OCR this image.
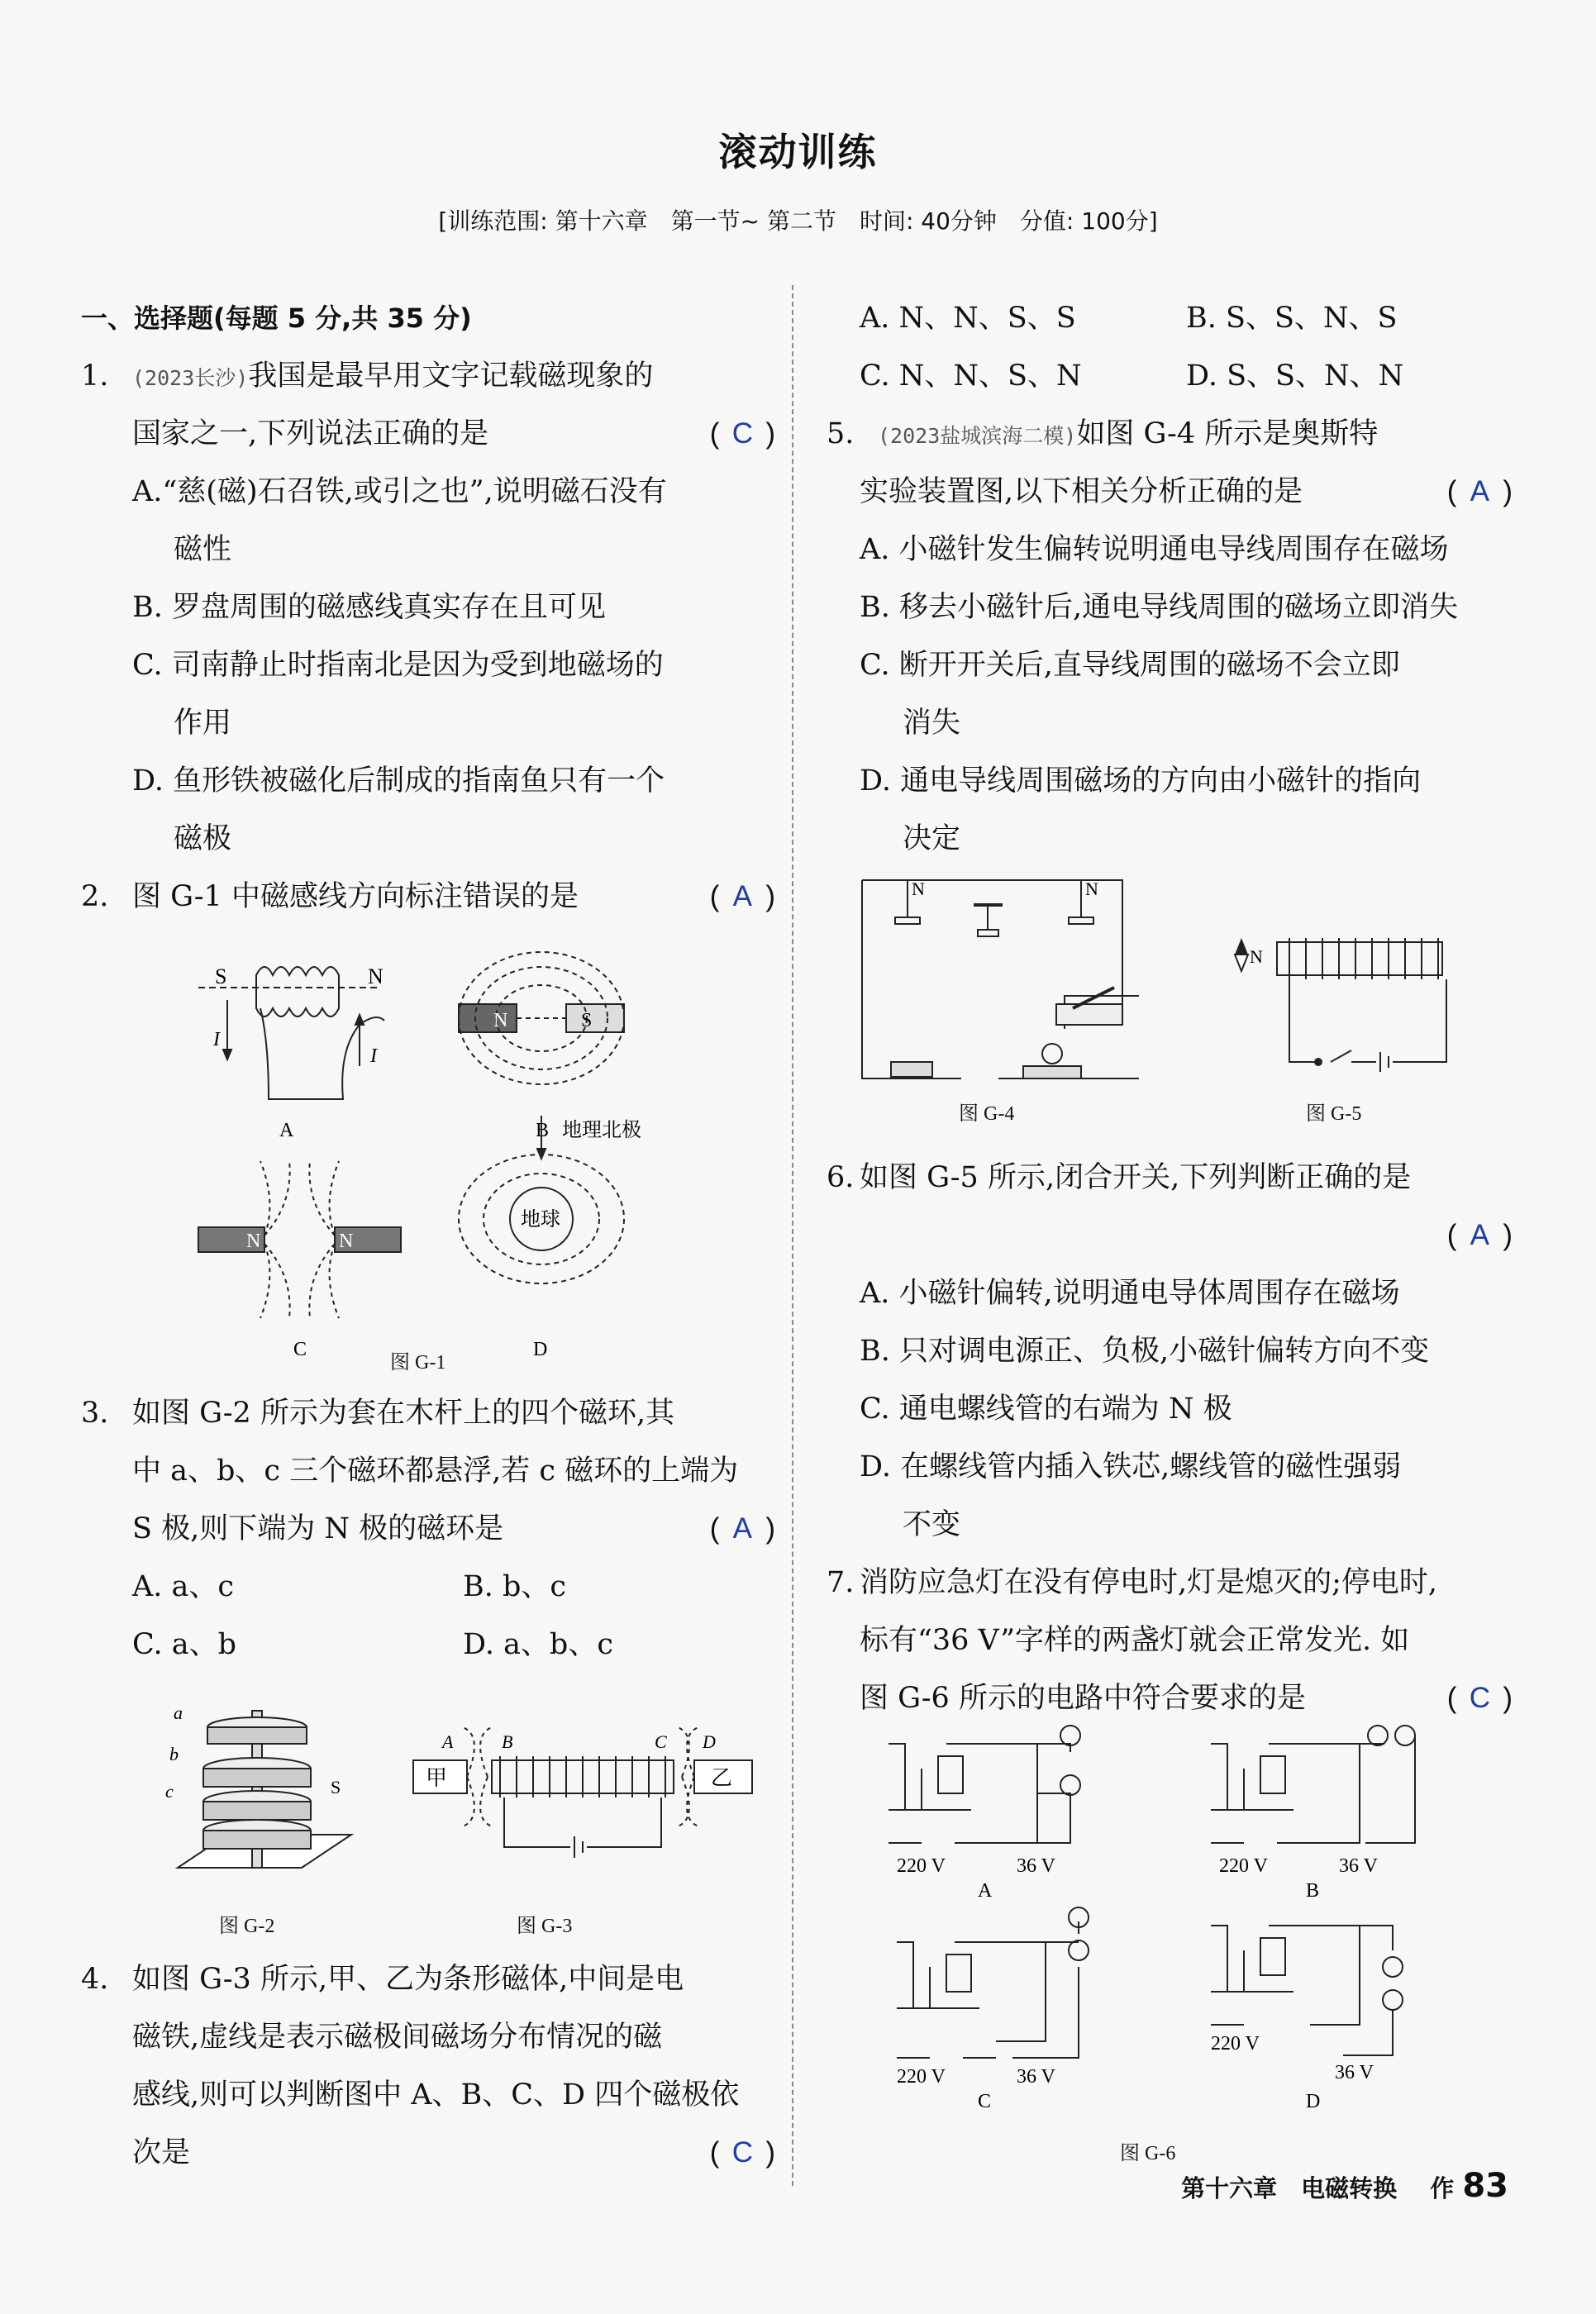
滚动训练
[训练范围: 第十六章　第一节~ 第二节　时间: 40分钟　分值: 100分]
一、选择题(每题 5 分,共 35 分)
1. (2023长沙)我国是最早用文字记载磁现象的
国家之一,下列说法正确的是	( C )
A.“慈(磁)石召铁,或引之也”,说明磁石没有
磁性
B. 罗盘周围的磁感线真实存在且可见
C. 司南静止时指南北是因为受到地磁场的
作用
D. 鱼形铁被磁化后制成的指南鱼只有一个
磁极
2. 图 G-1 中磁感线方向标注错误的是	( A )
S	N
I
I
A
N	S
B
N	N
C
地球
地理北极
D
图 G-1
3. 如图 G-2 所示为套在木杆上的四个磁环,其
中 a、b、c 三个磁环都悬浮,若 c 磁环的上端为
S 极,则下端为 N 极的磁环是	( A )
A. a、c	B. b、c
C. a、b	D. a、b、c
a
b
c	S
图 G-2
甲	乙
A	B	C D
图 G-3
4. 如图 G-3 所示,甲、乙为条形磁体,中间是电
磁铁,虚线是表示磁极间磁场分布情况的磁
感线,则可以判断图中 A、B、C、D 四个磁极依
次是	( C )
A. N、N、S、S	B. S、S、N、S
C. N、N、S、N	D. S、S、N、N
5. (2023盐城滨海二模)如图 G-4 所示是奥斯特
实验装置图,以下相关分析正确的是	( A )
A. 小磁针发生偏转说明通电导线周围存在磁场
B. 移去小磁针后,通电导线周围的磁场立即消失
C. 断开开关后,直导线周围的磁场不会立即
消失
D. 通电导线周围磁场的方向由小磁针的指向
决定
N	N
图 G-4
N
图 G-5
6. 如图 G-5 所示,闭合开关,下列判断正确的是
( A )
A. 小磁针偏转,说明通电导体周围存在磁场
B. 只对调电源正、负极,小磁针偏转方向不变
C. 通电螺线管的右端为 N 极
D. 在螺线管内插入铁芯,螺线管的磁性强弱
不变
7. 消防应急灯在没有停电时,灯是熄灭的;停电时,
标有“36 V”字样的两盏灯就会正常发光. 如
图 G-6 所示的电路中符合要求的是	( C )
220 V	36 V
A
220 V	36 V
B
220 V	36 V
C
220 V
36 V
D
图 G-6
第十六章　电磁转换 作 83
